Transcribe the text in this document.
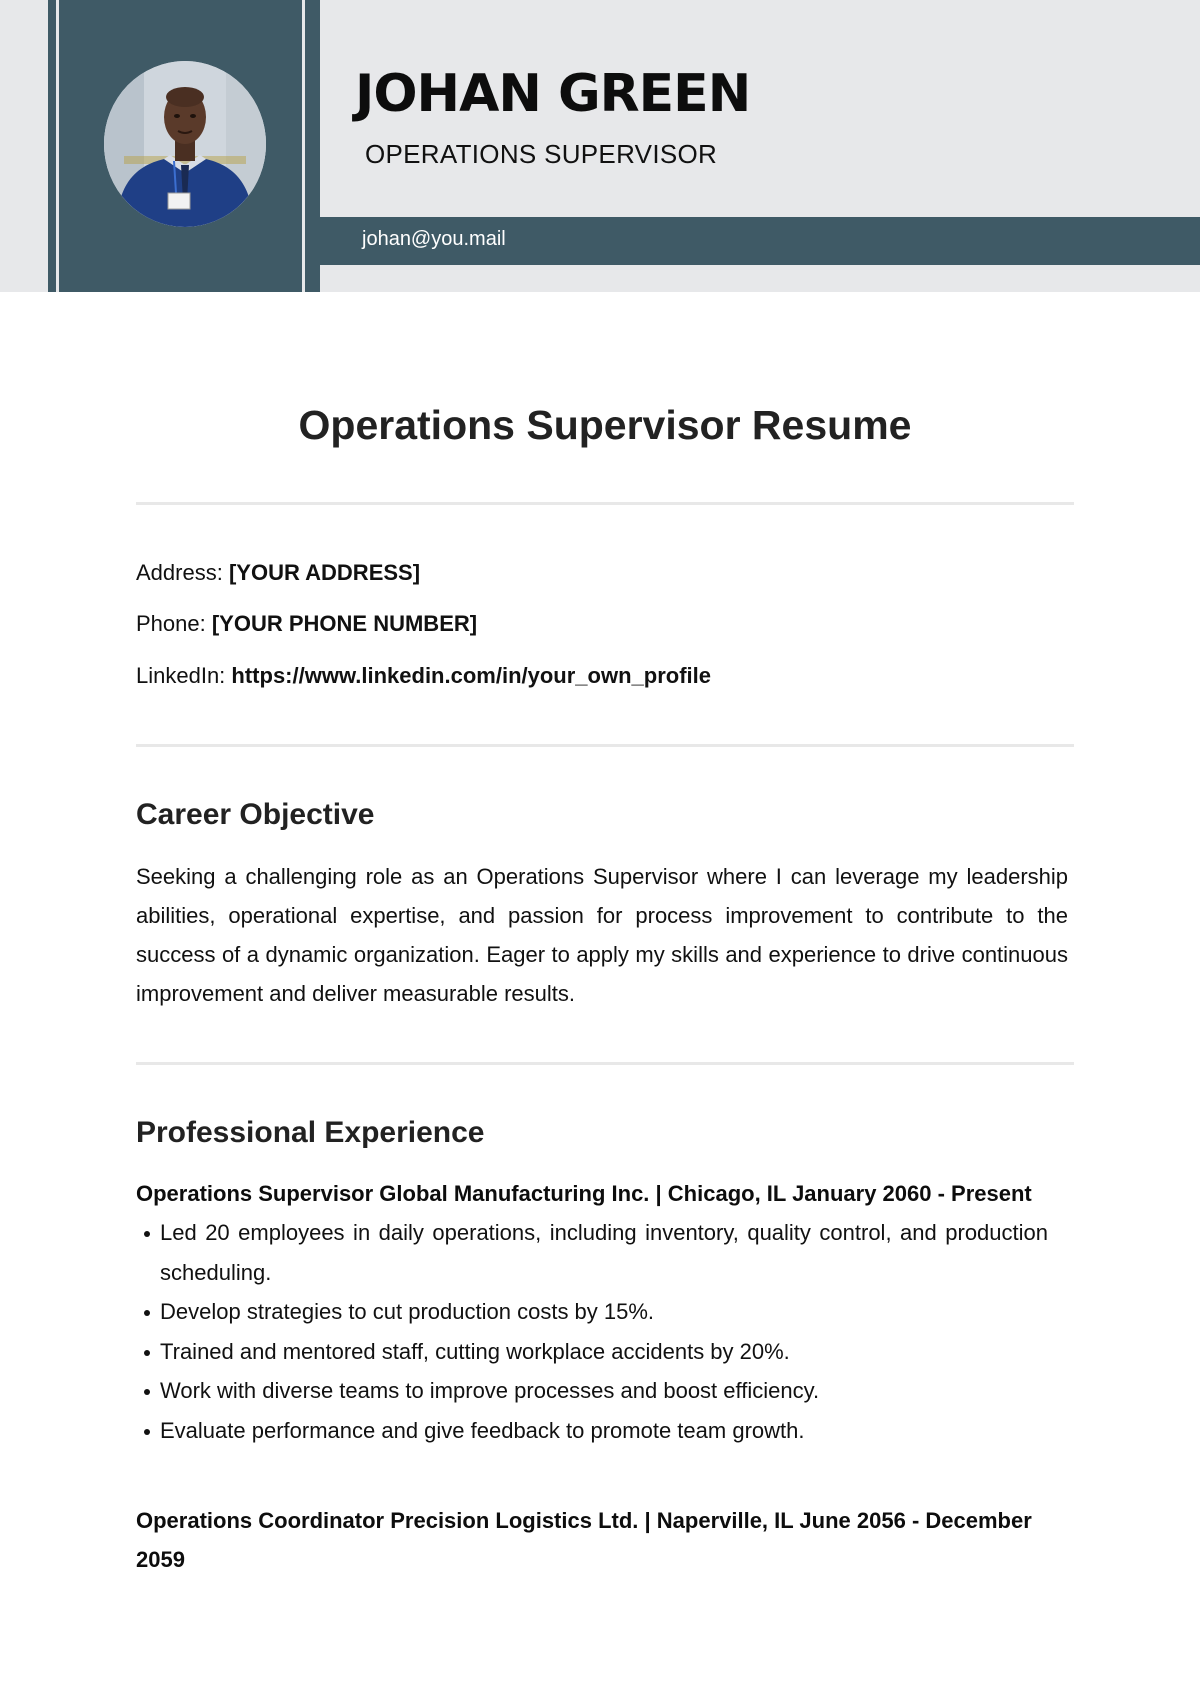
JOHAN GREEN
OPERATIONS SUPERVISOR
johan@you.mail
Operations Supervisor Resume
Address: [YOUR ADDRESS]
Phone: [YOUR PHONE NUMBER]
LinkedIn: https://www.linkedin.com/in/your_own_profile
Career Objective

Seeking a challenging role as an Operations Supervisor where I can leverage my leadership abilities, operational expertise, and passion for process improvement to contribute to the success of a dynamic organization. Eager to apply my skills and experience to drive continuous improvement and deliver measurable results.

Professional Experience

Operations Supervisor Global Manufacturing Inc. | Chicago, IL January 2060 - Present

Led 20 employees in daily operations, including inventory, quality control, and production scheduling.
Develop strategies to cut production costs by 15%.
Trained and mentored staff, cutting workplace accidents by 20%.
Work with diverse teams to improve processes and boost efficiency.
Evaluate performance and give feedback to promote team growth.

Operations Coordinator Precision Logistics Ltd. | Naperville, IL June 2056 - December 2059
